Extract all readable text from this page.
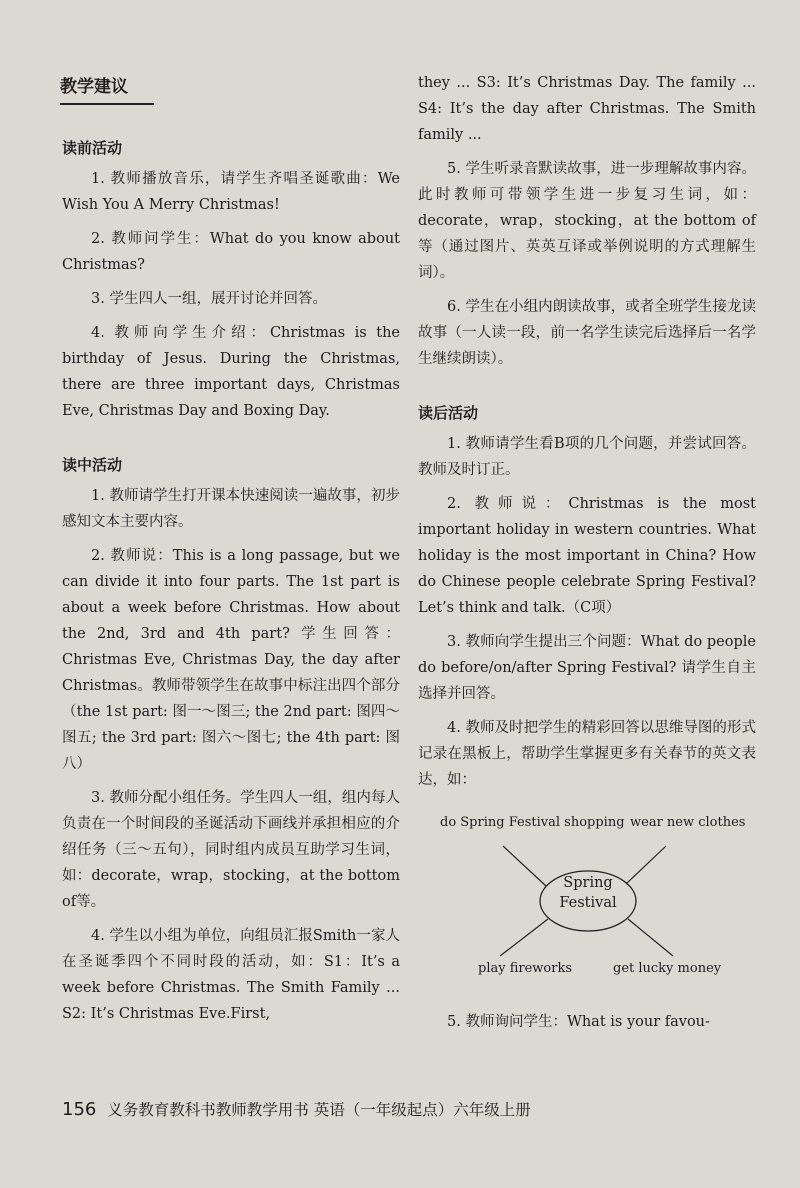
教学建议
读前活动

1. 教师播放音乐，请学生齐唱圣诞歌曲：We Wish You A Merry Christmas!

2. 教师问学生：What do you know about Christmas?

3. 学生四人一组，展开讨论并回答。

4. 教师向学生介绍：Christmas is the birthday of Jesus. During the Christmas, there are three important days, Christmas Eve, Christmas Day and Boxing Day.

读中活动

1. 教师请学生打开课本快速阅读一遍故事，初步感知文本主要内容。

2. 教师说：This is a long passage, but we can divide it into four parts. The 1st part is about a week before Christmas. How about the 2nd, 3rd and 4th part? 学生回答：Christmas Eve, Christmas Day, the day after Christmas。教师带领学生在故事中标注出四个部分（the 1st part: 图一～图三; the 2nd part: 图四～图五; the 3rd part: 图六～图七; the 4th part: 图八）

3. 教师分配小组任务。学生四人一组，组内每人负责在一个时间段的圣诞活动下画线并承担相应的介绍任务（三～五句），同时组内成员互助学习生词，如：decorate，wrap，stocking，at the bottom of等。

4. 学生以小组为单位，向组员汇报Smith一家人在圣诞季四个不同时段的活动，如：S1：It’s a week before Christmas. The Smith Family ... S2: It’s Christmas Eve.First,

they ... S3: It’s Christmas Day. The family ... S4: It’s the day after Christmas. The Smith family ...

5. 学生听录音默读故事，进一步理解故事内容。此时教师可带领学生进一步复习生词，如：decorate，wrap，stocking，at the bottom of等（通过图片、英英互译或举例说明的方式理解生词）。

6. 学生在小组内朗读故事，或者全班学生接龙读故事（一人读一段，前一名学生读完后选择后一名学生继续朗读）。

读后活动

1. 教师请学生看B项的几个问题，并尝试回答。教师及时订正。

2. 教师说：Christmas is the most important holiday in western countries. What holiday is the most important in China? How do Chinese people celebrate Spring Festival? Let’s think and talk.（C项）

3. 教师向学生提出三个问题：What do people do before/on/after Spring Festival? 请学生自主选择并回答。

4. 教师及时把学生的精彩回答以思维导图的形式记录在黑板上，帮助学生掌握更多有关春节的英文表达，如：

do Spring Festival shopping wear new clothes
Spring
Festival
play fireworks	get lucky money

5. 教师询问学生：What is your favou-

156 义务教育教科书教师教学用书 英语（一年级起点）六年级上册
